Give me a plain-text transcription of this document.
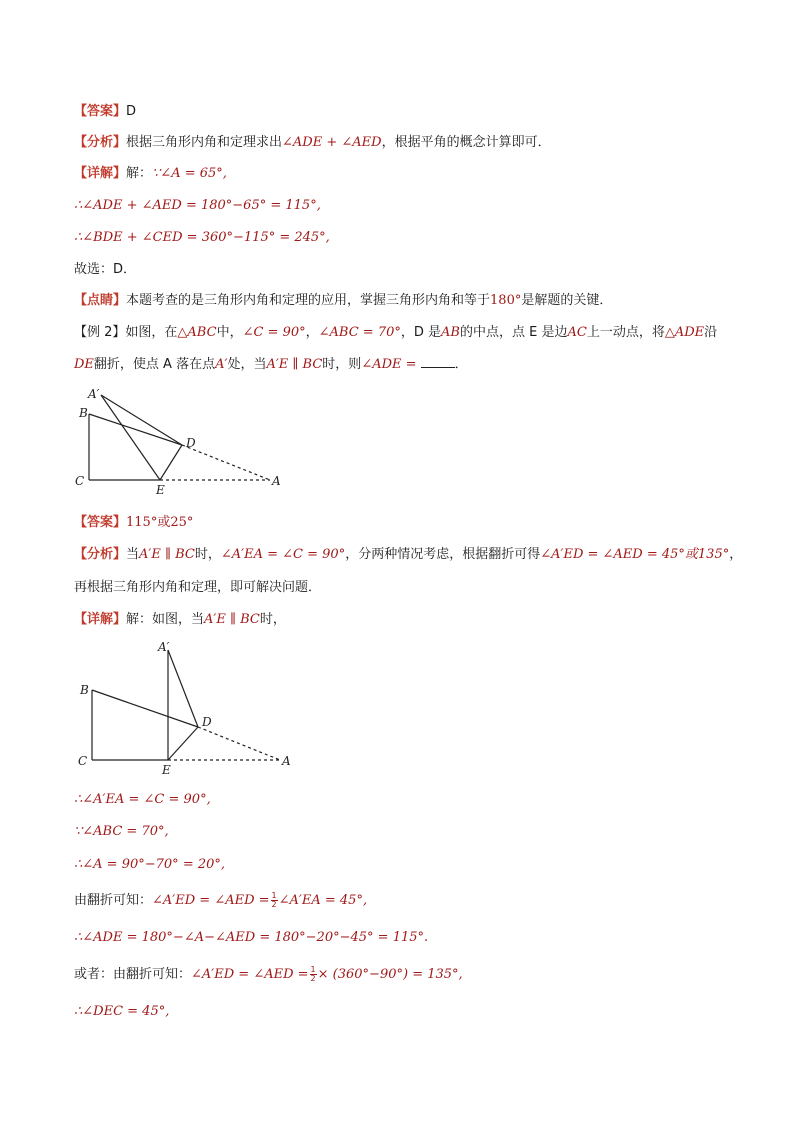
【答案】D
【分析】根据三角形内角和定理求出∠ADE + ∠AED，根据平角的概念计算即可．
【详解】解：∵∠A = 65°,
∴∠ADE + ∠AED = 180°−65° = 115°,
∴∠BDE + ∠CED = 360°−115° = 245°,
故选：D．
【点睛】本题考查的是三角形内角和定理的应用，掌握三角形内角和等于180°是解题的关键．
【例 2】如图，在△ABC中，∠C = 90°，∠ABC = 70°，D 是AB的中点，点 E 是边AC上一动点，将△ADE沿
DE翻折，使点 A 落在点A′处，当A′E ∥ BC时，则∠ADE =	．
A′
B
D
C
E
A
【答案】115°或25°
【分析】当A′E ∥ BC时，∠A′EA = ∠C = 90°，分两种情况考虑，根据翻折可得∠A′ED = ∠AED = 45°或135°，
再根据三角形内角和定理，即可解决问题．
【详解】解：如图，当A′E ∥ BC时，
A′
B
D
C
E
A
∴∠A′EA = ∠C = 90°,
∵∠ABC = 70°,
∴∠A = 90°−70° = 20°,
由翻折可知：∠A′ED = ∠AED = $\frac{1}{2}$ ∠A′EA = 45°,
∴∠ADE = 180°−∠A−∠AED = 180°−20°−45° = 115°.
或者：由翻折可知：∠A′ED = ∠AED = $\frac{1}{2} \times (360^\circ-90^\circ) = 135^\circ$,
∴∠DEC = 45°,
